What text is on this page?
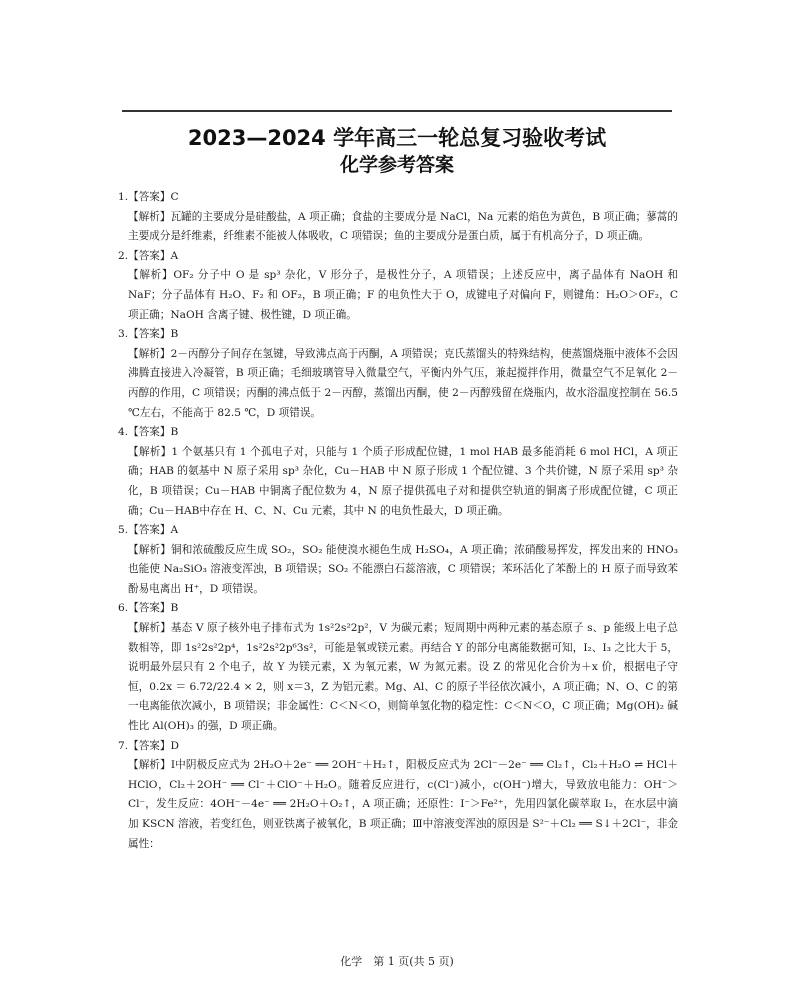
2023—2024 学年高三一轮总复习验收考试
化学参考答案

1.【答案】C

【解析】瓦罐的主要成分是硅酸盐，A 项正确；食盐的主要成分是 NaCl，Na 元素的焰色为黄色，B 项正确；蓼蒿的主要成分是纤维素，纤维素不能被人体吸收，C 项错误；鱼的主要成分是蛋白质，属于有机高分子，D 项正确。

2.【答案】A

【解析】OF₂ 分子中 O 是 sp³ 杂化，V 形分子，是极性分子，A 项错误；上述反应中，离子晶体有 NaOH 和 NaF；分子晶体有 H₂O、F₂ 和 OF₂，B 项正确；F 的电负性大于 O，成键电子对偏向 F，则键角：H₂O＞OF₂，C 项正确；NaOH 含离子键、极性键，D 项正确。

3.【答案】B

【解析】2－丙醇分子间存在氢键，导致沸点高于丙酮，A 项错误；克氏蒸馏头的特殊结构，使蒸馏烧瓶中液体不会因沸腾直接进入冷凝管，B 项正确；毛细玻璃管导入微量空气，平衡内外气压，兼起搅拌作用，微量空气不足氧化 2－丙醇的作用，C 项错误；丙酮的沸点低于 2－丙醇，蒸馏出丙酮，使 2－丙醇残留在烧瓶内，故水浴温度控制在 56.5 ℃左右，不能高于 82.5 ℃，D 项错误。

4.【答案】B

【解析】1 个氨基只有 1 个孤电子对，只能与 1 个质子形成配位键，1 mol HAB 最多能消耗 6 mol HCl，A 项正确；HAB 的氨基中 N 原子采用 sp³ 杂化，Cu－HAB 中 N 原子形成 1 个配位键、3 个共价键，N 原子采用 sp³ 杂化，B 项错误；Cu－HAB 中铜离子配位数为 4，N 原子提供孤电子对和提供空轨道的铜离子形成配位键，C 项正确；Cu－HAB中存在 H、C、N、Cu 元素，其中 N 的电负性最大，D 项正确。

5.【答案】A

【解析】铜和浓硫酸反应生成 SO₂，SO₂ 能使溴水褪色生成 H₂SO₄，A 项正确；浓硝酸易挥发，挥发出来的 HNO₃ 也能使 Na₂SiO₃ 溶液变浑浊，B 项错误；SO₂ 不能漂白石蕊溶液，C 项错误；苯环活化了苯酚上的 H 原子而导致苯酚易电离出 H⁺，D 项错误。

6.【答案】B

【解析】基态 V 原子核外电子排布式为 1s²2s²2p²，V 为碳元素；短周期中两种元素的基态原子 s、p 能级上电子总数相等，即 1s²2s²2p⁴，1s²2s²2p⁶3s²，可能是氧或镁元素。再结合 Y 的部分电离能数据可知，I₂、I₃ 之比大于 5，说明最外层只有 2 个电子，故 Y 为镁元素，X 为氧元素，W 为氮元素。设 Z 的常见化合价为＋x 价，根据电子守恒，0.2x ＝ 6.72/22.4 × 2，则 x＝3，Z 为铝元素。Mg、Al、C 的原子半径依次减小，A 项正确；N、O、C 的第一电离能依次减小，B 项错误；非金属性：C＜N＜O，则简单氢化物的稳定性：C＜N＜O，C 项正确；Mg(OH)₂ 碱性比 Al(OH)₃ 的强，D 项正确。

7.【答案】D

【解析】Ⅰ中阴极反应式为 2H₂O＋2e⁻ ══ 2OH⁻＋H₂↑，阳极反应式为 2Cl⁻－2e⁻ ══ Cl₂↑，Cl₂＋H₂O ⇌ HCl＋HClO，Cl₂＋2OH⁻ ══ Cl⁻＋ClO⁻＋H₂O。随着反应进行，c(Cl⁻)减小，c(OH⁻)增大，导致放电能力：OH⁻＞Cl⁻，发生反应：4OH⁻－4e⁻ ══ 2H₂O＋O₂↑，A 项正确；还原性：I⁻＞Fe²⁺，先用四氯化碳萃取 I₂，在水层中滴加 KSCN 溶液，若变红色，则亚铁离子被氧化，B 项正确；Ⅲ中溶液变浑浊的原因是 S²⁻＋Cl₂ ══ S↓＋2Cl⁻，非金属性：

化学　第 1 页(共 5 页)
